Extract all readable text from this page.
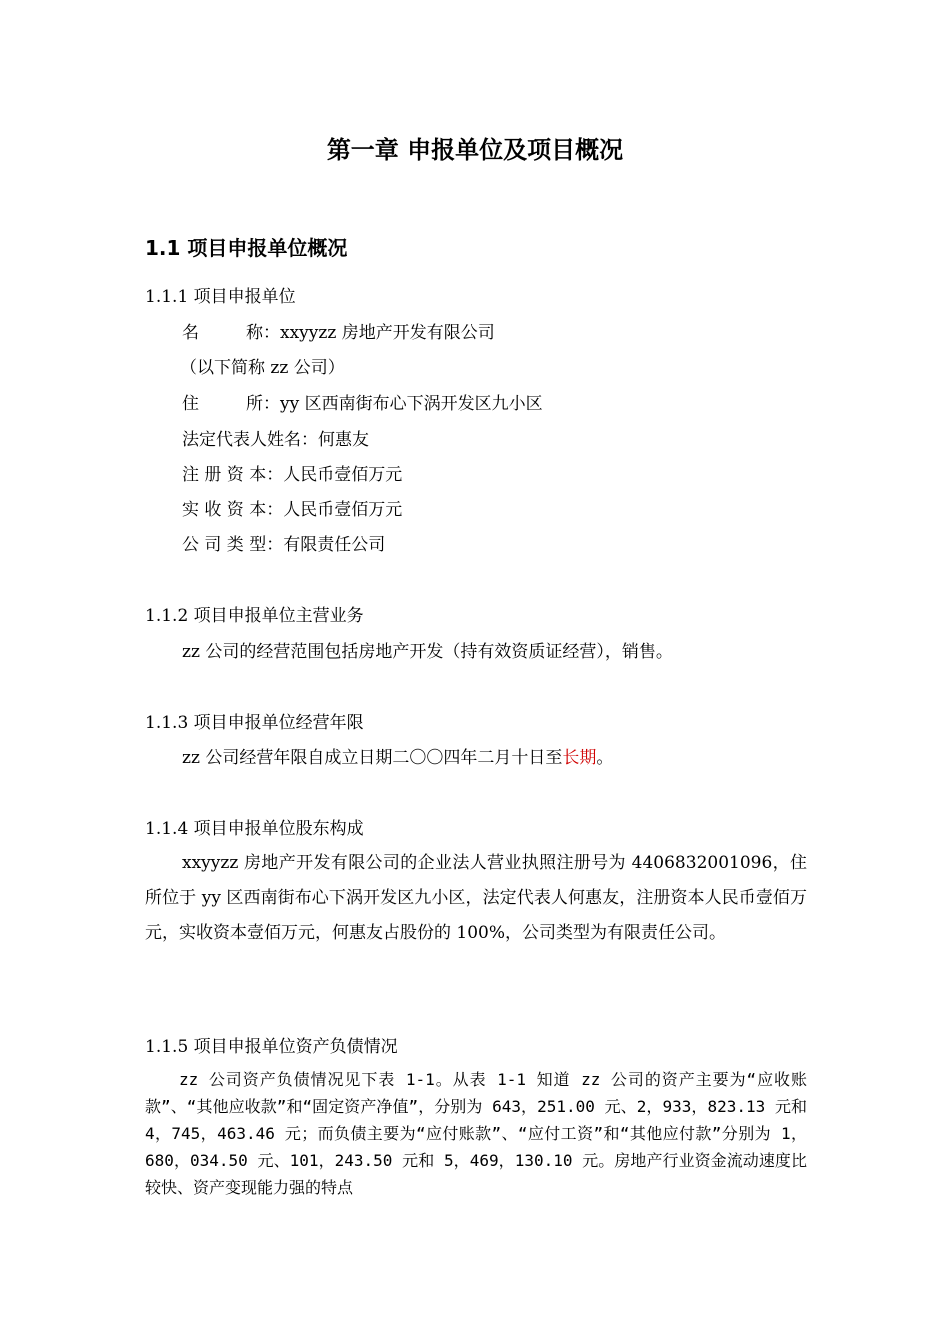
第一章 申报单位及项目概况
1.1 项目申报单位概况
1.1.1 项目申报单位
名	称：xxyyzz 房地产开发有限公司
（以下简称 zz 公司）
住	所：yy 区西南街布心下涡开发区九小区
法定代表人姓名：何惠友
注 册 资 本：人民币壹佰万元
实 收 资 本：人民币壹佰万元
公 司 类 型：有限责任公司
1.1.2 项目申报单位主营业务
zz 公司的经营范围包括房地产开发（持有效资质证经营），销售。
1.1.3 项目申报单位经营年限
zz 公司经营年限自成立日期二〇〇四年二月十日至长期。
1.1.4 项目申报单位股东构成
xxyyzz 房地产开发有限公司的企业法人营业执照注册号为 4406832001096，住所位于 yy 区西南街布心下涡开发区九小区，法定代表人何惠友，注册资本人民币壹佰万元，实收资本壹佰万元，何惠友占股份的 100%，公司类型为有限责任公司。
1.1.5 项目申报单位资产负债情况
zz 公司资产负债情况见下表 1-1。从表 1-1 知道 zz 公司的资产主要为“应收账款”、“其他应收款”和“固定资产净值”，分别为 643，251.00 元、2，933，823.13 元和 4，745，463.46 元；而负债主要为“应付账款”、“应付工资”和“其他应付款”分别为 1，680，034.50 元、101，243.50 元和 5，469，130.10 元。房地产行业资金流动速度比较快、资产变现能力强的特点
